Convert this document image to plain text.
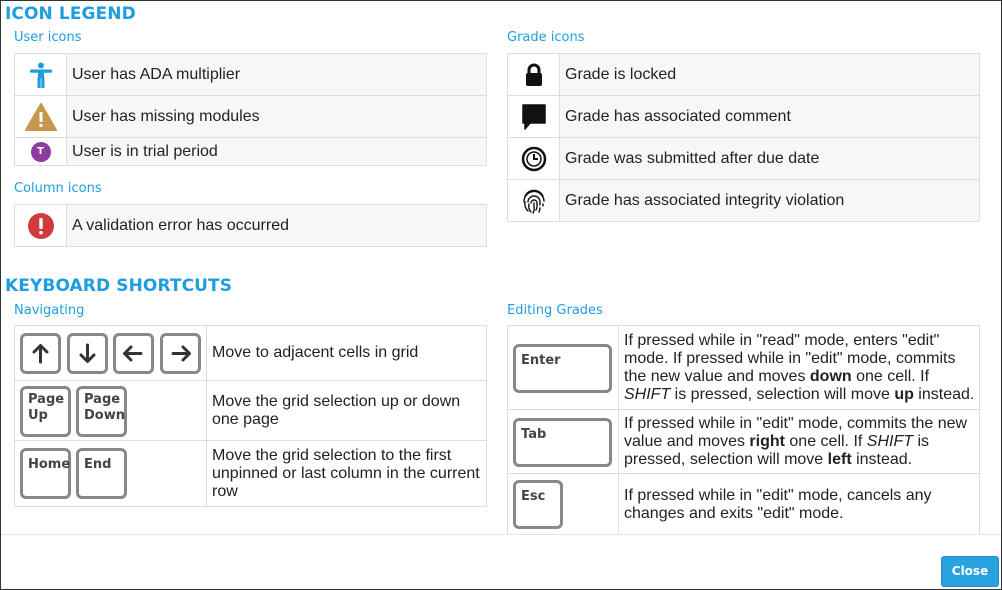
ICON LEGEND
User icons
	User has ADA multiplier
	User has missing modules
T	User is in trial period
Column icons
	A validation error has occurred
Grade icons
	Grade is locked
	Grade has associated comment
	Grade was submitted after due date
	Grade has associated integrity violation
KEYBOARD SHORTCUTS
Navigating
	Move to adjacent cells in grid

Page Up
Page Down	Move the grid selection up or down one page

Home End	Move the grid selection to the first unpinned or last column in the current row
Editing Grades
Enter	If pressed while in "read" mode, enters "edit" mode. If pressed while in "edit" mode, commits the new value and moves down one cell. If SHIFT is pressed, selection will move up instead.

Tab	If pressed while in "edit" mode, commits the new value and moves right one cell. If SHIFT is pressed, selection will move left instead.

Esc	If pressed while in "edit" mode, cancels any changes and exits "edit" mode.
Close
